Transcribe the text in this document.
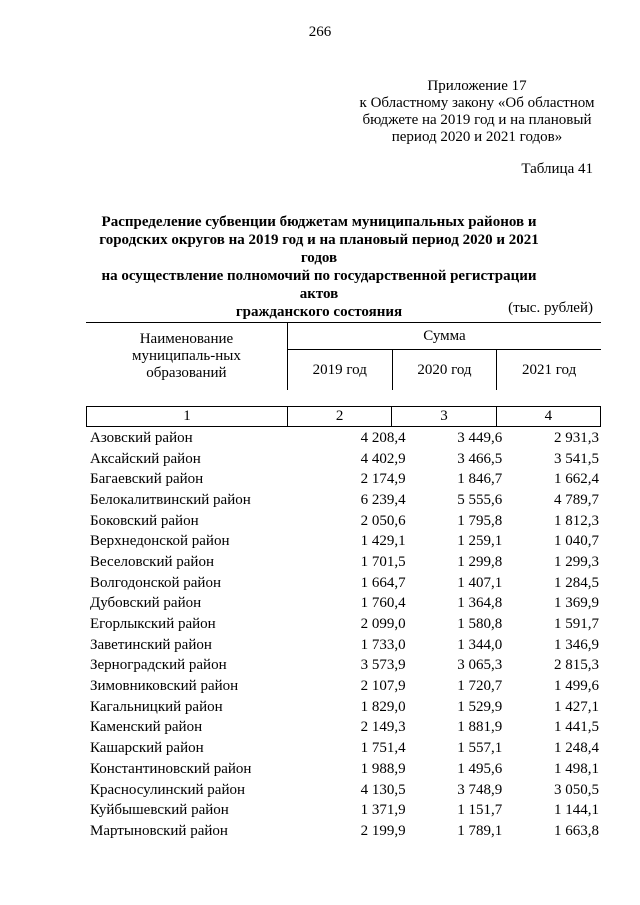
266
Приложение 17
к Областному закону «Об областном
бюджете на 2019 год и на плановый
период 2020 и 2021 годов»
Таблица 41
Распределение субвенции бюджетам муниципальных районов и
городских округов на 2019 год и на плановый период 2020 и 2021 годов
на осуществление полномочий по государственной регистрации актов
гражданского состояния	(тыс. рублей)
Наименование муниципаль-ных образований	Сумма		
	2019 год	2020 год	2021 год
1	2	3	4
Азовский район	4 208,4	3 449,6	2 931,3
Аксайский район	4 402,9	3 466,5	3 541,5
Багаевский район	2 174,9	1 846,7	1 662,4
Белокалитвинский район	6 239,4	5 555,6	4 789,7
Боковский район	2 050,6	1 795,8	1 812,3
Верхнедонской район	1 429,1	1 259,1	1 040,7
Веселовский район	1 701,5	1 299,8	1 299,3
Волгодонской район	1 664,7	1 407,1	1 284,5
Дубовский район	1 760,4	1 364,8	1 369,9
Егорлыкский район	2 099,0	1 580,8	1 591,7
Заветинский район	1 733,0	1 344,0	1 346,9
Зерноградский район	3 573,9	3 065,3	2 815,3
Зимовниковский район	2 107,9	1 720,7	1 499,6
Кагальницкий район	1 829,0	1 529,9	1 427,1
Каменский район	2 149,3	1 881,9	1 441,5
Кашарский район	1 751,4	1 557,1	1 248,4
Константиновский район	1 988,9	1 495,6	1 498,1
Красносулинский район	4 130,5	3 748,9	3 050,5
Куйбышевский район	1 371,9	1 151,7	1 144,1
Мартыновский район	2 199,9	1 789,1	1 663,8
